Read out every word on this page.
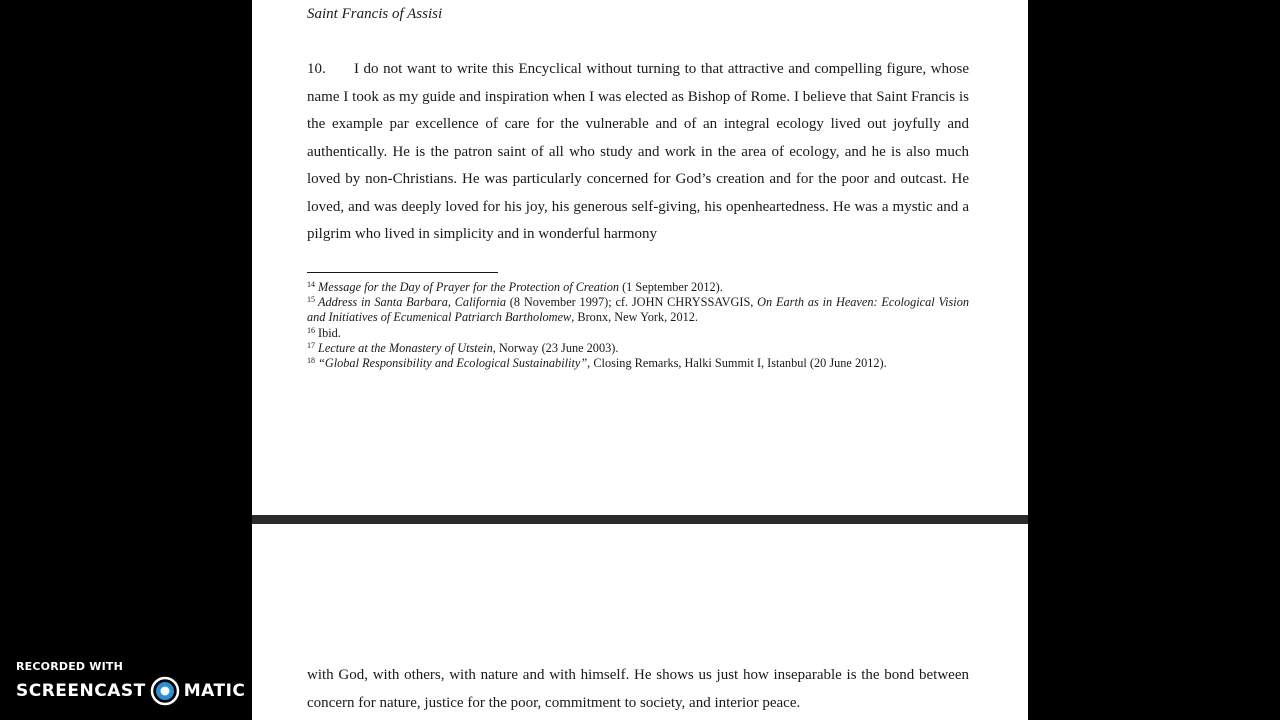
Saint Francis of Assisi
10. I do not want to write this Encyclical without turning to that attractive and compelling figure, whose name I took as my guide and inspiration when I was elected as Bishop of Rome. I believe that Saint Francis is the example par excellence of care for the vulnerable and of an integral ecology lived out joyfully and authentically. He is the patron saint of all who study and work in the area of ecology, and he is also much loved by non-Christians. He was particularly concerned for God’s creation and for the poor and outcast. He loved, and was deeply loved for his joy, his generous self-giving, his openheartedness. He was a mystic and a pilgrim who lived in simplicity and in wonderful harmony

$^{14}$ Message for the Day of Prayer for the Protection of Creation (1 September 2012).

$^{15}$ Address in Santa Barbara, California (8 November 1997); cf. JOHN CHRYSSAVGIS, On Earth as in Heaven: Ecological Vision and Initiatives of Ecumenical Patriarch Bartholomew, Bronx, New York, 2012.

$^{16}$ Ibid.

$^{17}$ Lecture at the Monastery of Utstein, Norway (23 June 2003).

$^{18}$ “Global Responsibility and Ecological Sustainability”, Closing Remarks, Halki Summit I, Istanbul (20 June 2012).

with God, with others, with nature and with himself. He shows us just how inseparable is the bond between concern for nature, justice for the poor, commitment to society, and interior peace.
RECORDED WITH
SCREENCAST MATIC
